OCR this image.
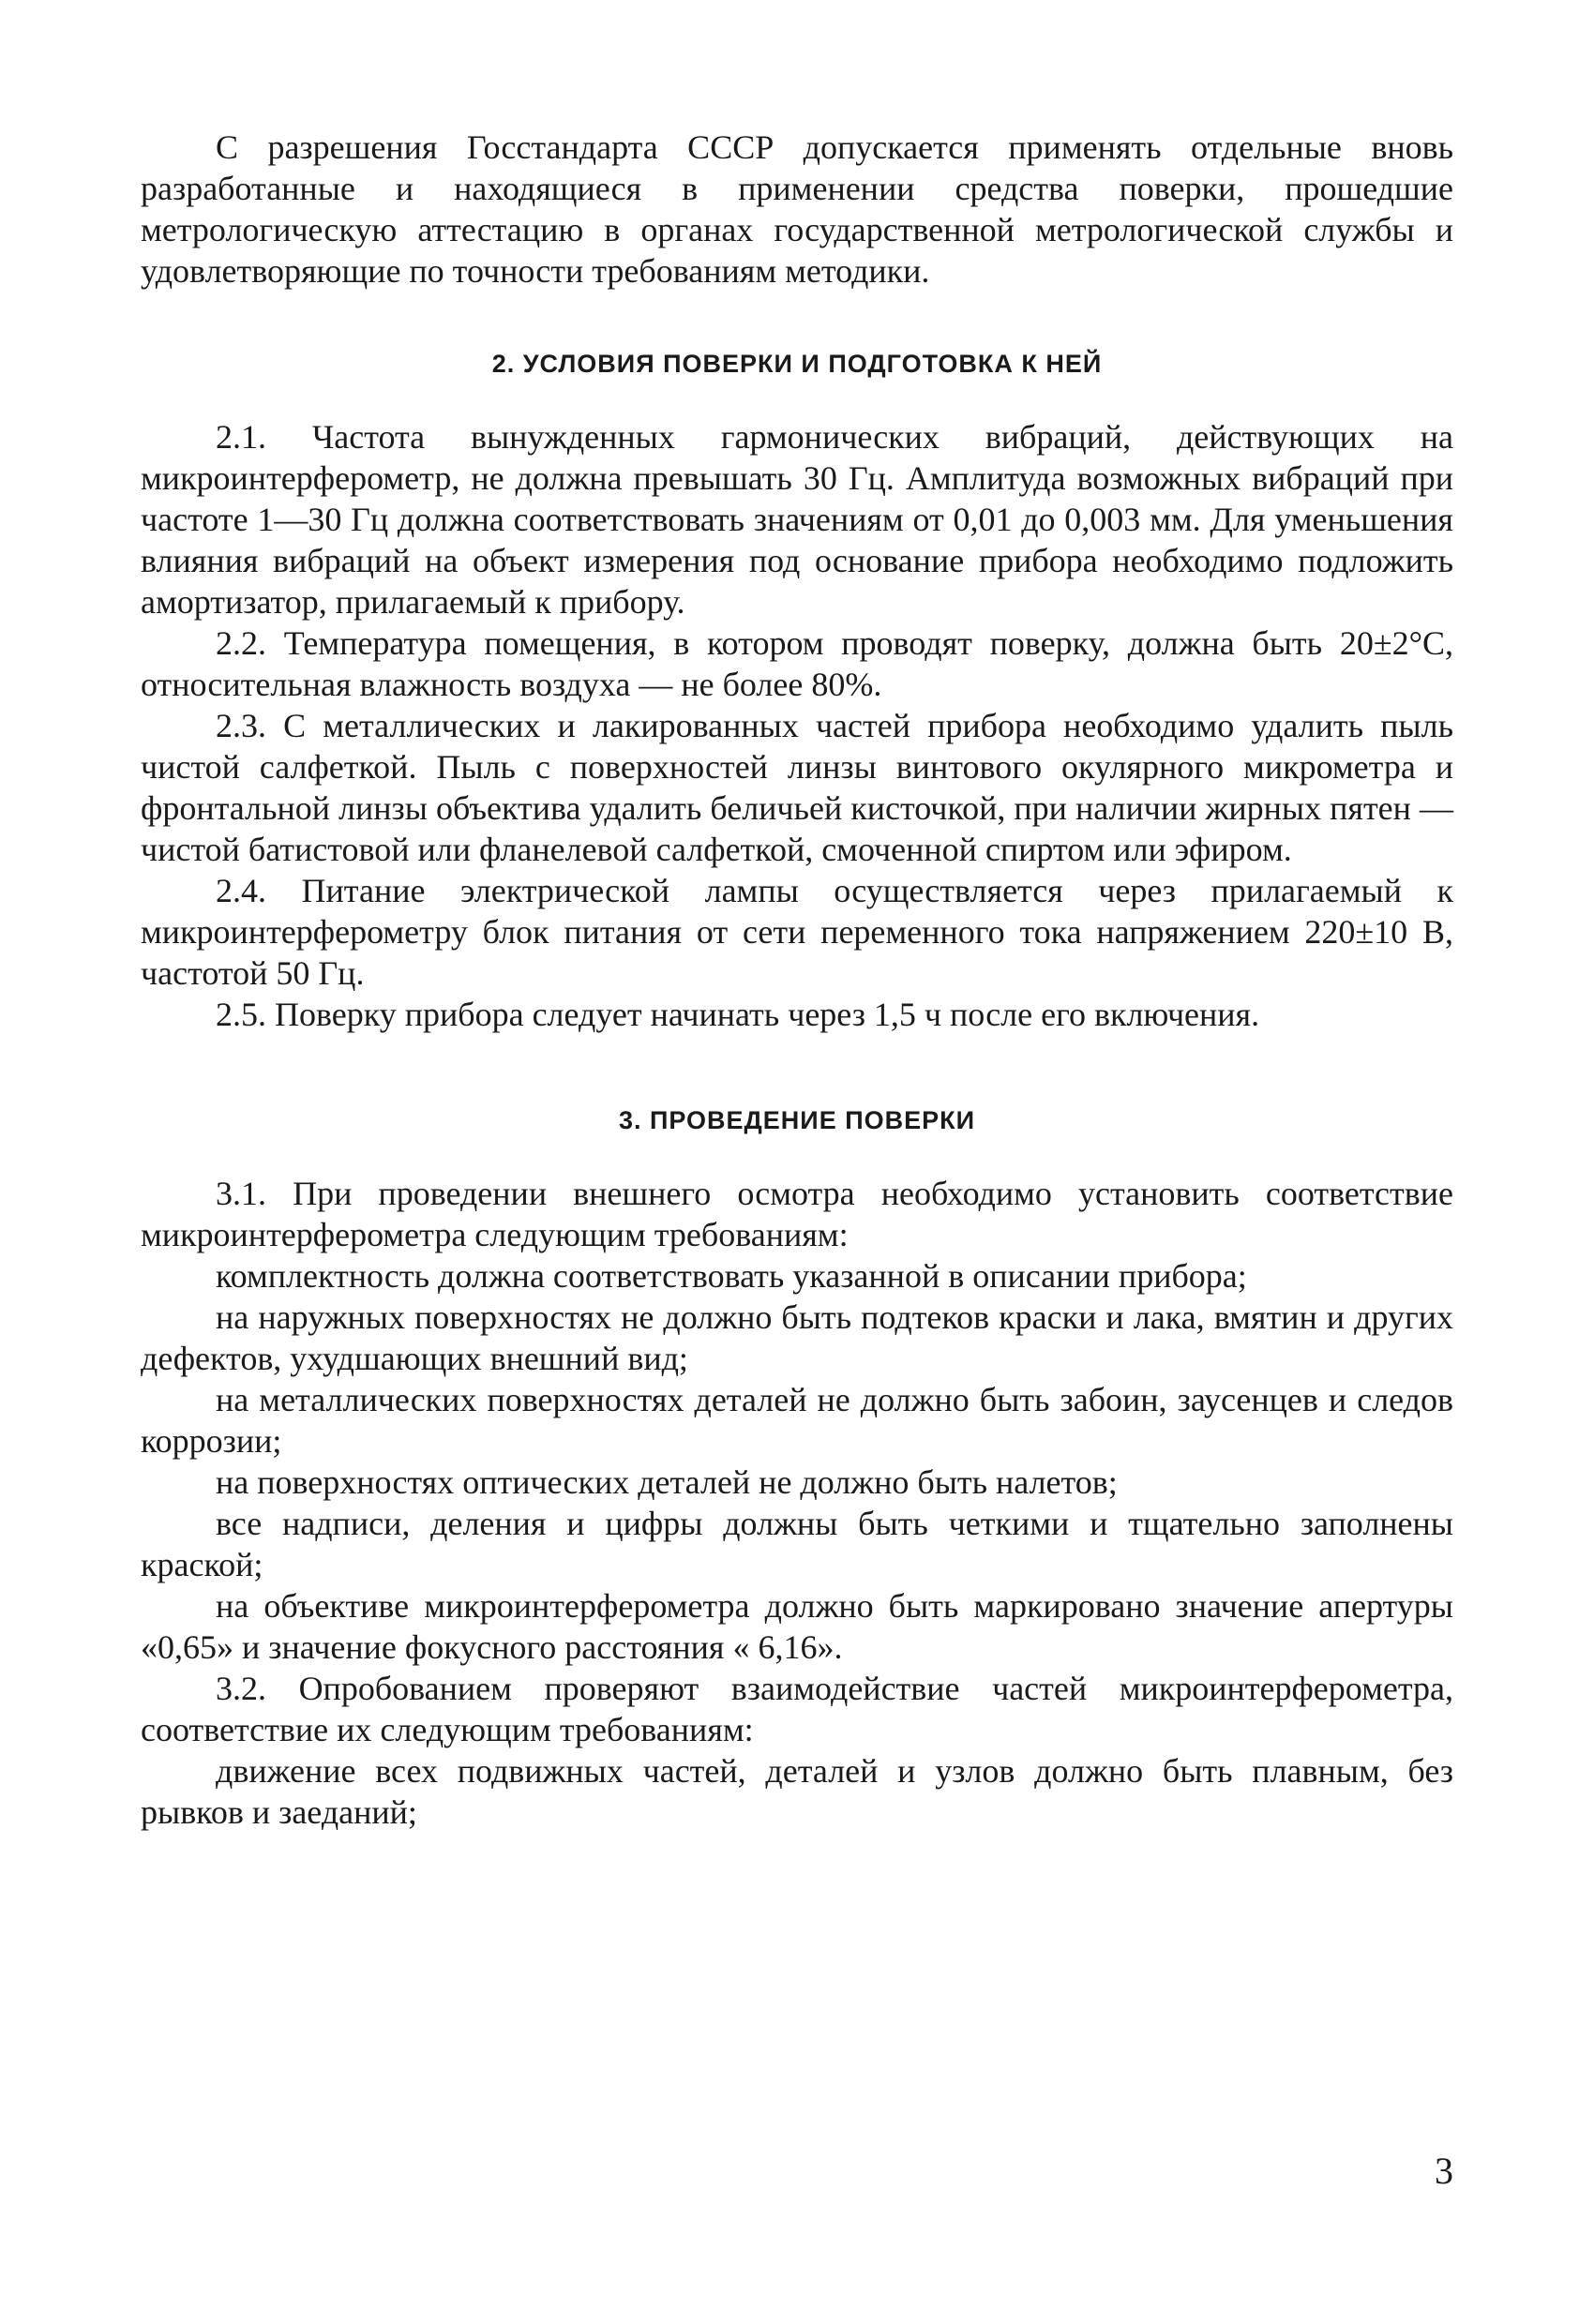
С разрешения Госстандарта СССР допускается применять отдельные вновь разработанные и находящиеся в применении средства поверки, прошедшие метрологическую аттестацию в органах государственной метрологической службы и удовлетворяющие по точности требованиям методики.

2. УСЛОВИЯ ПОВЕРКИ И ПОДГОТОВКА К НЕЙ

2.1. Частота вынужденных гармонических вибраций, действующих на микроинтерферометр, не должна превышать 30 Гц. Амплитуда возможных вибраций при частоте 1—30 Гц должна соответствовать значениям от 0,01 до 0,003 мм. Для уменьшения влияния вибраций на объект измерения под основание прибора необходимо подложить амортизатор, прилагаемый к прибору.

2.2. Температура помещения, в котором проводят поверку, должна быть 20±2°С, относительная влажность воздуха — не более 80%.

2.3. С металлических и лакированных частей прибора необходимо удалить пыль чистой салфеткой. Пыль с поверхностей линзы винтового окулярного микрометра и фронтальной линзы объектива удалить беличьей кисточкой, при наличии жирных пятен — чистой батистовой или фланелевой салфеткой, смоченной спиртом или эфиром.

2.4. Питание электрической лампы осуществляется через прилагаемый к микроинтерферометру блок питания от сети переменного тока напряжением 220±10 В, частотой 50 Гц.

2.5. Поверку прибора следует начинать через 1,5 ч после его включения.

3. ПРОВЕДЕНИЕ ПОВЕРКИ

3.1. При проведении внешнего осмотра необходимо установить соответствие микроинтерферометра следующим требованиям:

комплектность должна соответствовать указанной в описании прибора;

на наружных поверхностях не должно быть подтеков краски и лака, вмятин и других дефектов, ухудшающих внешний вид;

на металлических поверхностях деталей не должно быть забоин, заусенцев и следов коррозии;

на поверхностях оптических деталей не должно быть налетов;

все надписи, деления и цифры должны быть четкими и тщательно заполнены краской;

на объективе микроинтерферометра должно быть маркировано значение апертуры «0,65» и значение фокусного расстояния « 6,16».

3.2. Опробованием проверяют взаимодействие частей микроинтерферометра, соответствие их следующим требованиям:

движение всех подвижных частей, деталей и узлов должно быть плавным, без рывков и заеданий;

3
